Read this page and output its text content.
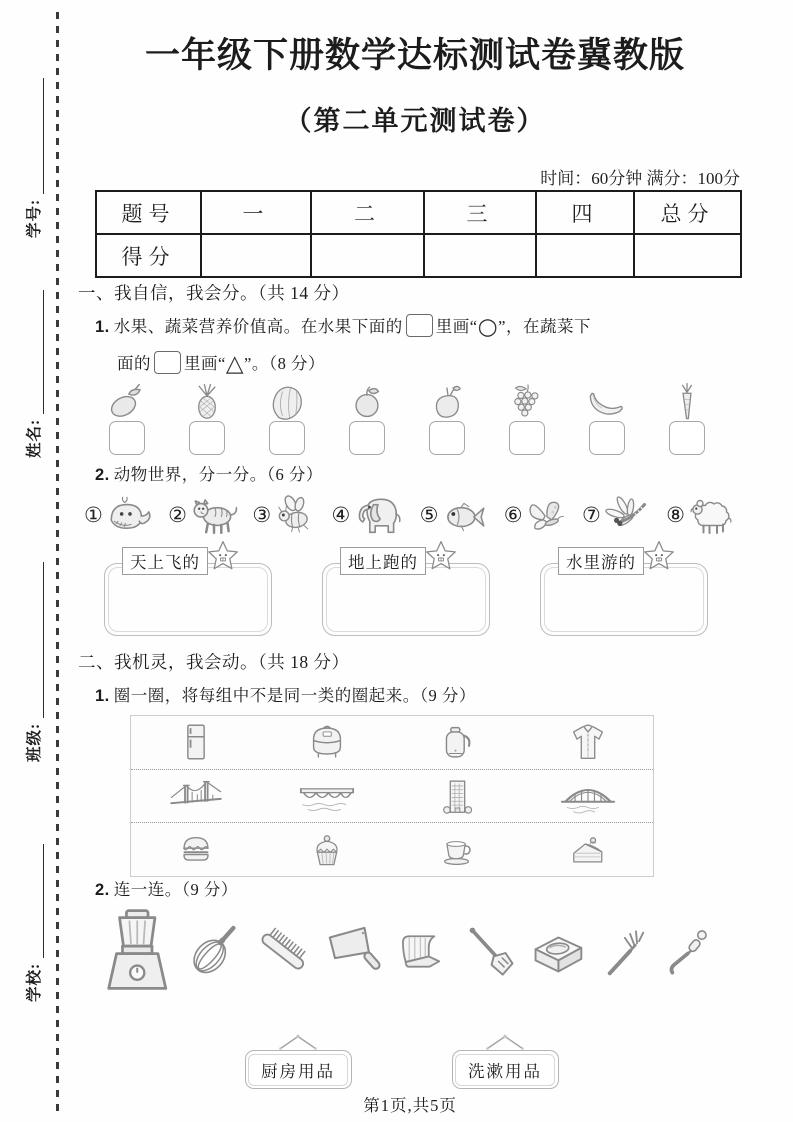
学号:
姓名:
班级:
学校:
一年级下册数学达标测试卷冀教版
（第二单元测试卷）
时间：60分钟 满分：100分
题号	一	二	三	四	总分
得分					
一、我自信，我会分。（共 14 分）
1. 水果、蔬菜营养价值高。在水果下面的 里画“○”，在蔬菜下
面的 里画“△”。（8 分）
2. 动物世界，分一分。（6 分）
①	②	③	④	⑤	⑥	⑦	⑧
天上飞的	地上跑的	水里游的
二、我机灵，我会动。（共 18 分）
1. 圈一圈，将每组中不是同一类的圈起来。（9 分）
2. 连一连。（9 分）
厨房用品	洗漱用品
第1页,共5页
